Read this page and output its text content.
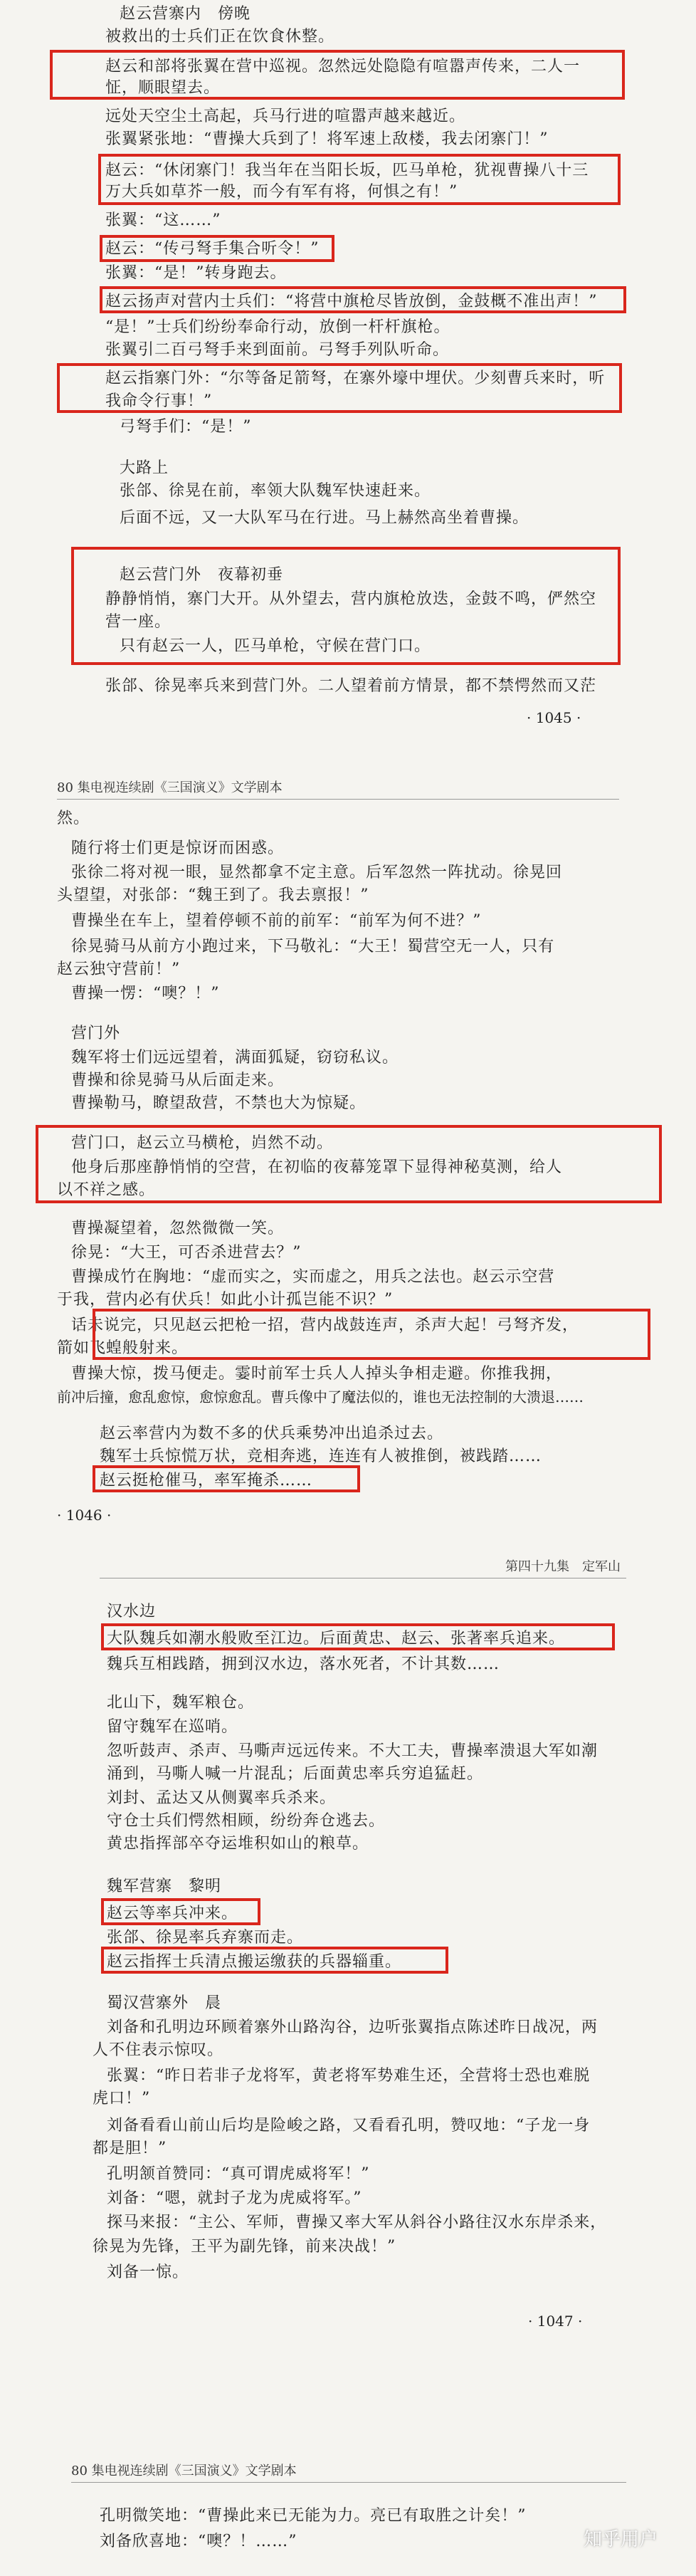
赵云营寨内　傍晚
被救出的士兵们正在饮食休整。
赵云和部将张翼在营中巡视。忽然远处隐隐有喧嚣声传来，二人一
怔，顺眼望去。
远处天空尘土高起，兵马行进的喧嚣声越来越近。
张翼紧张地：“曹操大兵到了！将军速上敌楼，我去闭寨门！”
赵云：“休闭寨门！我当年在当阳长坂，匹马单枪，犹视曹操八十三
万大兵如草芥一般，而今有军有将，何惧之有！”
张翼：“这……”
赵云：“传弓弩手集合听令！”
张翼：“是！”转身跑去。
赵云扬声对营内士兵们：“将营中旗枪尽皆放倒，金鼓概不准出声！”
“是！”士兵们纷纷奉命行动，放倒一杆杆旗枪。
张翼引二百弓弩手来到面前。弓弩手列队听命。
赵云指寨门外：“尔等备足箭弩，在寨外壕中埋伏。少刻曹兵来时，听
我命令行事！”
弓弩手们：“是！”
大路上
张郃、徐晃在前，率领大队魏军快速赶来。
后面不远，又一大队军马在行进。马上赫然高坐着曹操。
赵云营门外　夜幕初垂
静静悄悄，寨门大开。从外望去，营内旗枪放迭，金鼓不鸣，俨然空
营一座。
只有赵云一人，匹马单枪，守候在营门口。
张郃、徐晃率兵来到营门外。二人望着前方情景，都不禁愕然而又茫
· 1045 ·
80 集电视连续剧《三国演义》文学剧本
然。
随行将士们更是惊讶而困惑。
张徐二将对视一眼，显然都拿不定主意。后军忽然一阵扰动。徐晃回
头望望，对张郃：“魏王到了。我去禀报！”
曹操坐在车上，望着停顿不前的前军：“前军为何不进？”
徐晃骑马从前方小跑过来，下马敬礼：“大王！蜀营空无一人，只有
赵云独守营前！”
曹操一愣：“噢？！”
营门外
魏军将士们远远望着，满面狐疑，窃窃私议。
曹操和徐晃骑马从后面走来。
曹操勒马，瞭望敌营，不禁也大为惊疑。
营门口，赵云立马横枪，岿然不动。
他身后那座静悄悄的空营，在初临的夜幕笼罩下显得神秘莫测，给人
以不祥之感。
曹操凝望着，忽然微微一笑。
徐晃：“大王，可否杀进营去？”
曹操成竹在胸地：“虚而实之，实而虚之，用兵之法也。赵云示空营
于我，营内必有伏兵！如此小计孤岂能不识？”
话未说完，只见赵云把枪一招，营内战鼓连声，杀声大起！弓弩齐发，
箭如飞蝗般射来。
曹操大惊，拨马便走。霎时前军士兵人人掉头争相走避。你推我拥，
前冲后撞，愈乱愈惊，愈惊愈乱。曹兵像中了魔法似的，谁也无法控制的大溃退……
赵云率营内为数不多的伏兵乘势冲出追杀过去。
魏军士兵惊慌万状，竞相奔逃，连连有人被推倒，被践踏……
赵云挺枪催马，率军掩杀……
· 1046 ·
第四十九集　定军山
汉水边
大队魏兵如潮水般败至江边。后面黄忠、赵云、张著率兵追来。
魏兵互相践踏，拥到汉水边，落水死者，不计其数……
北山下，魏军粮仓。
留守魏军在巡哨。
忽听鼓声、杀声、马嘶声远远传来。不大工夫，曹操率溃退大军如潮
涌到，马嘶人喊一片混乱；后面黄忠率兵穷追猛赶。
刘封、孟达又从侧翼率兵杀来。
守仓士兵们愕然相顾，纷纷奔仓逃去。
黄忠指挥部卒夺运堆积如山的粮草。
魏军营寨　黎明
赵云等率兵冲来。
张郃、徐晃率兵弃寨而走。
赵云指挥士兵清点搬运缴获的兵器辎重。
蜀汉营寨外　晨
刘备和孔明边环顾着寨外山路沟谷，边听张翼指点陈述昨日战况，两
人不住表示惊叹。
张翼：“昨日若非子龙将军，黄老将军势难生还，全营将士恐也难脱
虎口！”
刘备看看山前山后均是险峻之路，又看看孔明，赞叹地：“子龙一身
都是胆！”
孔明颔首赞同：“真可谓虎威将军！”
刘备：“嗯，就封子龙为虎威将军。”
探马来报：“主公、军师，曹操又率大军从斜谷小路往汉水东岸杀来，
徐晃为先锋，王平为副先锋，前来决战！”
刘备一惊。
· 1047 ·
80 集电视连续剧《三国演义》文学剧本
孔明微笑地：“曹操此来已无能为力。亮已有取胜之计矣！”
刘备欣喜地：“噢？！……”	知乎用户
